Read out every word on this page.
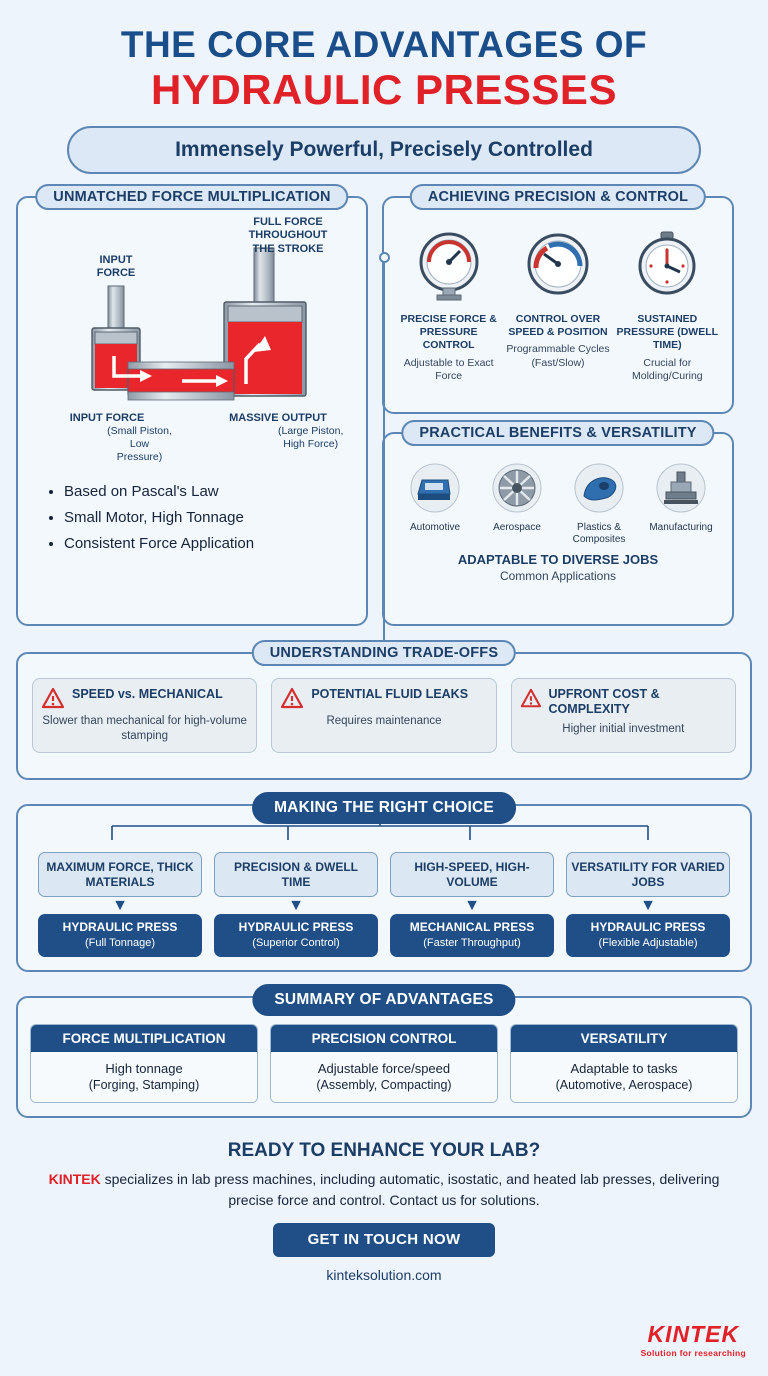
THE CORE ADVANTAGES OF
HYDRAULIC PRESSES
Immensely Powerful, Precisely Controlled
UNMATCHED FORCE MULTIPLICATION
INPUT
FORCE
FULL FORCE
THROUGHOUT
THE STROKE
INPUT FORCE

(Small Piston,
Low Pressure)
MASSIVE OUTPUT

(Large Piston,
High Force)
• Based on Pascal's Law
• Small Motor, High Tonnage
• Consistent Force Application
ACHIEVING PRECISION & CONTROL
PRECISE FORCE & PRESSURE CONTROL
Adjustable to Exact Force
CONTROL OVER SPEED & POSITION
Programmable Cycles (Fast/Slow)
SUSTAINED PRESSURE (DWELL TIME)
Crucial for Molding/Curing
PRACTICAL BENEFITS & VERSATILITY
Automotive	Aerospace	Plastics & Composites
Manufacturing
ADAPTABLE TO DIVERSE JOBS
Common Applications
UNDERSTANDING TRADE-OFFS
SPEED vs. MECHANICAL
Slower than mechanical for high-volume stamping
POTENTIAL FLUID LEAKS
Requires maintenance
UPFRONT COST & COMPLEXITY
Higher initial investment
MAKING THE RIGHT CHOICE
MAXIMUM FORCE, THICK MATERIALS
▼
HYDRAULIC PRESS
(Full Tonnage)
PRECISION & DWELL TIME
▼
HYDRAULIC PRESS
(Superior Control)
HIGH-SPEED, HIGH-VOLUME
▼
MECHANICAL PRESS
(Faster Throughput)
VERSATILITY FOR VARIED JOBS
▼
HYDRAULIC PRESS
(Flexible Adjustable)
SUMMARY OF ADVANTAGES
FORCE MULTIPLICATION
High tonnage
(Forging, Stamping)
PRECISION CONTROL
Adjustable force/speed
(Assembly, Compacting)
VERSATILITY
Adaptable to tasks
(Automotive, Aerospace)
READY TO ENHANCE YOUR LAB?
KINTEK specializes in lab press machines, including automatic, isostatic, and heated lab presses, delivering precise force and control. Contact us for solutions.
GET IN TOUCH NOW
kinteksolution.com
KINTEK
Solution for researching
